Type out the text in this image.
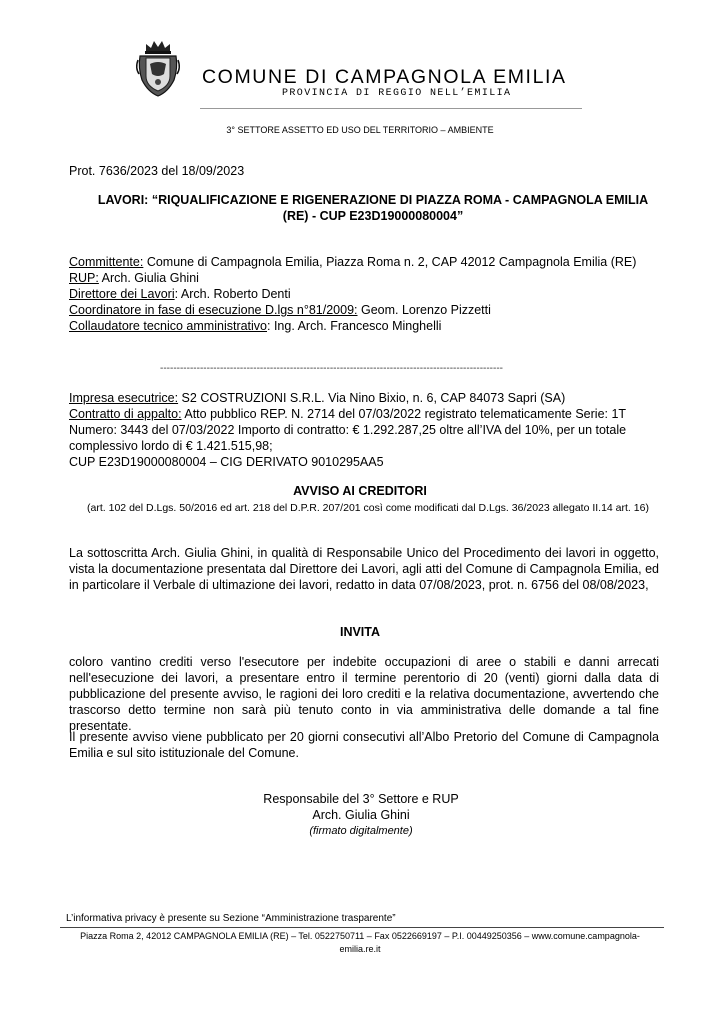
COMUNE DI CAMPAGNOLA EMILIA
PROVINCIA DI REGGIO NELL’EMILIA
3° SETTORE ASSETTO ED USO DEL TERRITORIO – AMBIENTE
Prot. 7636/2023 del 18/09/2023
LAVORI: “RIQUALIFICAZIONE E RIGENERAZIONE DI PIAZZA ROMA - CAMPAGNOLA EMILIA
(RE) - CUP E23D19000080004”
Committente: Comune di Campagnola Emilia, Piazza Roma n. 2, CAP 42012 Campagnola Emilia (RE)
RUP: Arch. Giulia Ghini
Direttore dei Lavori: Arch. Roberto Denti
Coordinatore in fase di esecuzione D.lgs n°81/2009: Geom. Lorenzo Pizzetti
Collaudatore tecnico amministrativo: Ing. Arch. Francesco Minghelli
-------------------------------------------------------------------------------------------------------
Impresa esecutrice: S2 COSTRUZIONI S.R.L. Via Nino Bixio, n. 6, CAP 84073 Sapri (SA)
Contratto di appalto: Atto pubblico REP. N. 2714 del 07/03/2022 registrato telematicamente Serie: 1T Numero: 3443 del 07/03/2022 Importo di contratto: € 1.292.287,25 oltre all’IVA del 10%, per un totale complessivo lordo di € 1.421.515,98;
CUP E23D19000080004 – CIG DERIVATO 9010295AA5
AVVISO AI CREDITORI
(art. 102 del D.Lgs. 50/2016 ed art. 218 del D.P.R. 207/201 così come modificati dal D.Lgs. 36/2023 allegato II.14 art. 16)
La sottoscritta Arch. Giulia Ghini, in qualità di Responsabile Unico del Procedimento dei lavori in oggetto, vista la documentazione presentata dal Direttore dei Lavori, agli atti del Comune di Campagnola Emilia, ed in particolare il Verbale di ultimazione dei lavori, redatto in data 07/08/2023, prot. n. 6756 del 08/08/2023,
INVITA
coloro vantino crediti verso l'esecutore per indebite occupazioni di aree o stabili e danni arrecati nell'esecuzione dei lavori, a presentare entro il termine perentorio di 20 (venti) giorni dalla data di pubblicazione del presente avviso, le ragioni dei loro crediti e la relativa documentazione, avvertendo che trascorso detto termine non sarà più tenuto conto in via amministrativa delle domande a tal fine presentate.
Il presente avviso viene pubblicato per 20 giorni consecutivi all’Albo Pretorio del Comune di Campagnola Emilia e sul sito istituzionale del Comune.
Responsabile del 3° Settore e RUP
Arch. Giulia Ghini
(firmato digitalmente)
L’informativa privacy è presente su Sezione “Amministrazione trasparente”
Piazza Roma 2, 42012 CAMPAGNOLA EMILIA (RE) – Tel. 0522750711 – Fax 0522669197 – P.I. 00449250356 – www.comune.campagnola-emilia.re.it
